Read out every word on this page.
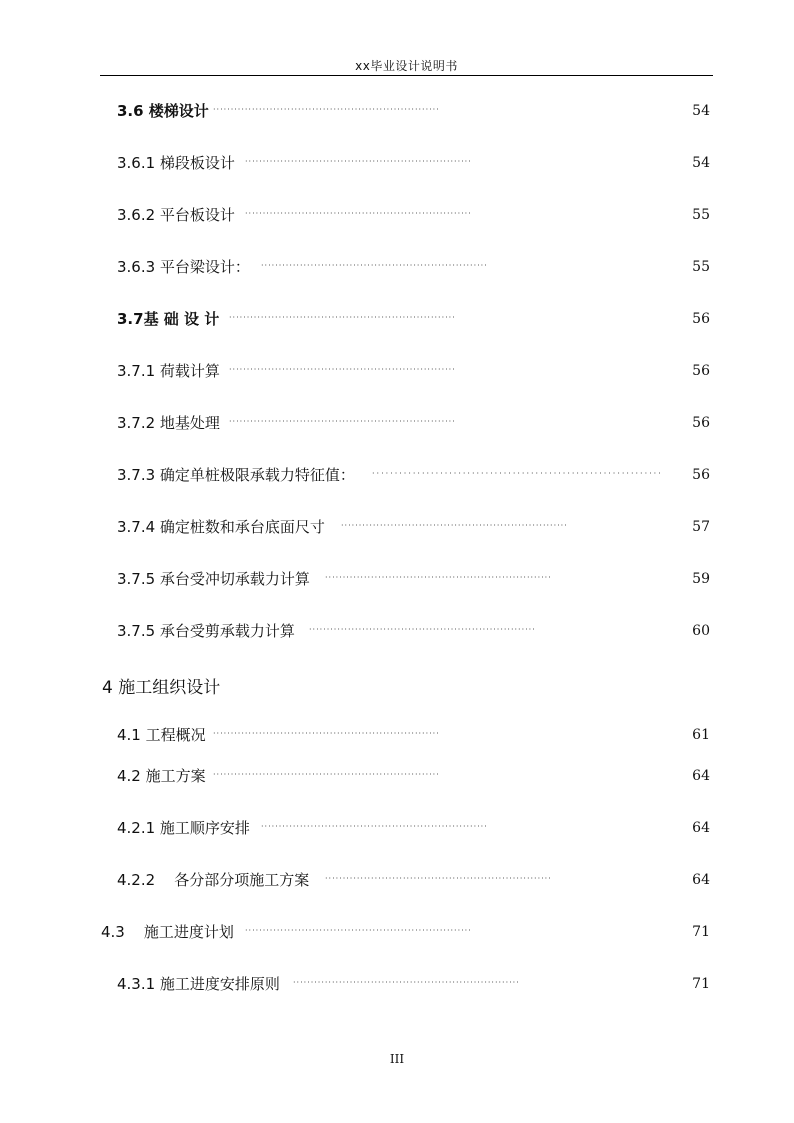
xx毕业设计说明书
3.6 楼梯设计 ································································	54
3.6.1 梯段板设计 ································································	54
3.6.2 平台板设计 ································································	55
3.6.3 平台梁设计： ································································	55
3.7基 础 设 计 ································································	56
3.7.1 荷载计算 ································································	56
3.7.2 地基处理 ································································	56
3.7.3 确定单桩极限承载力特征值： ································································ 56
3.7.4 确定桩数和承台底面尺寸 ································································	57
3.7.5 承台受冲切承载力计算 ································································	59
3.7.5 承台受剪承载力计算 ································································	60
4 施工组织设计
4.1 工程概况 ································································	61
4.2 施工方案 ································································	64
4.2.1 施工顺序安排 ································································	64
4.2.2    各分部分项施工方案 ································································	64
4.3    施工进度计划 ································································	71
4.3.1 施工进度安排原则 ································································	71
III
